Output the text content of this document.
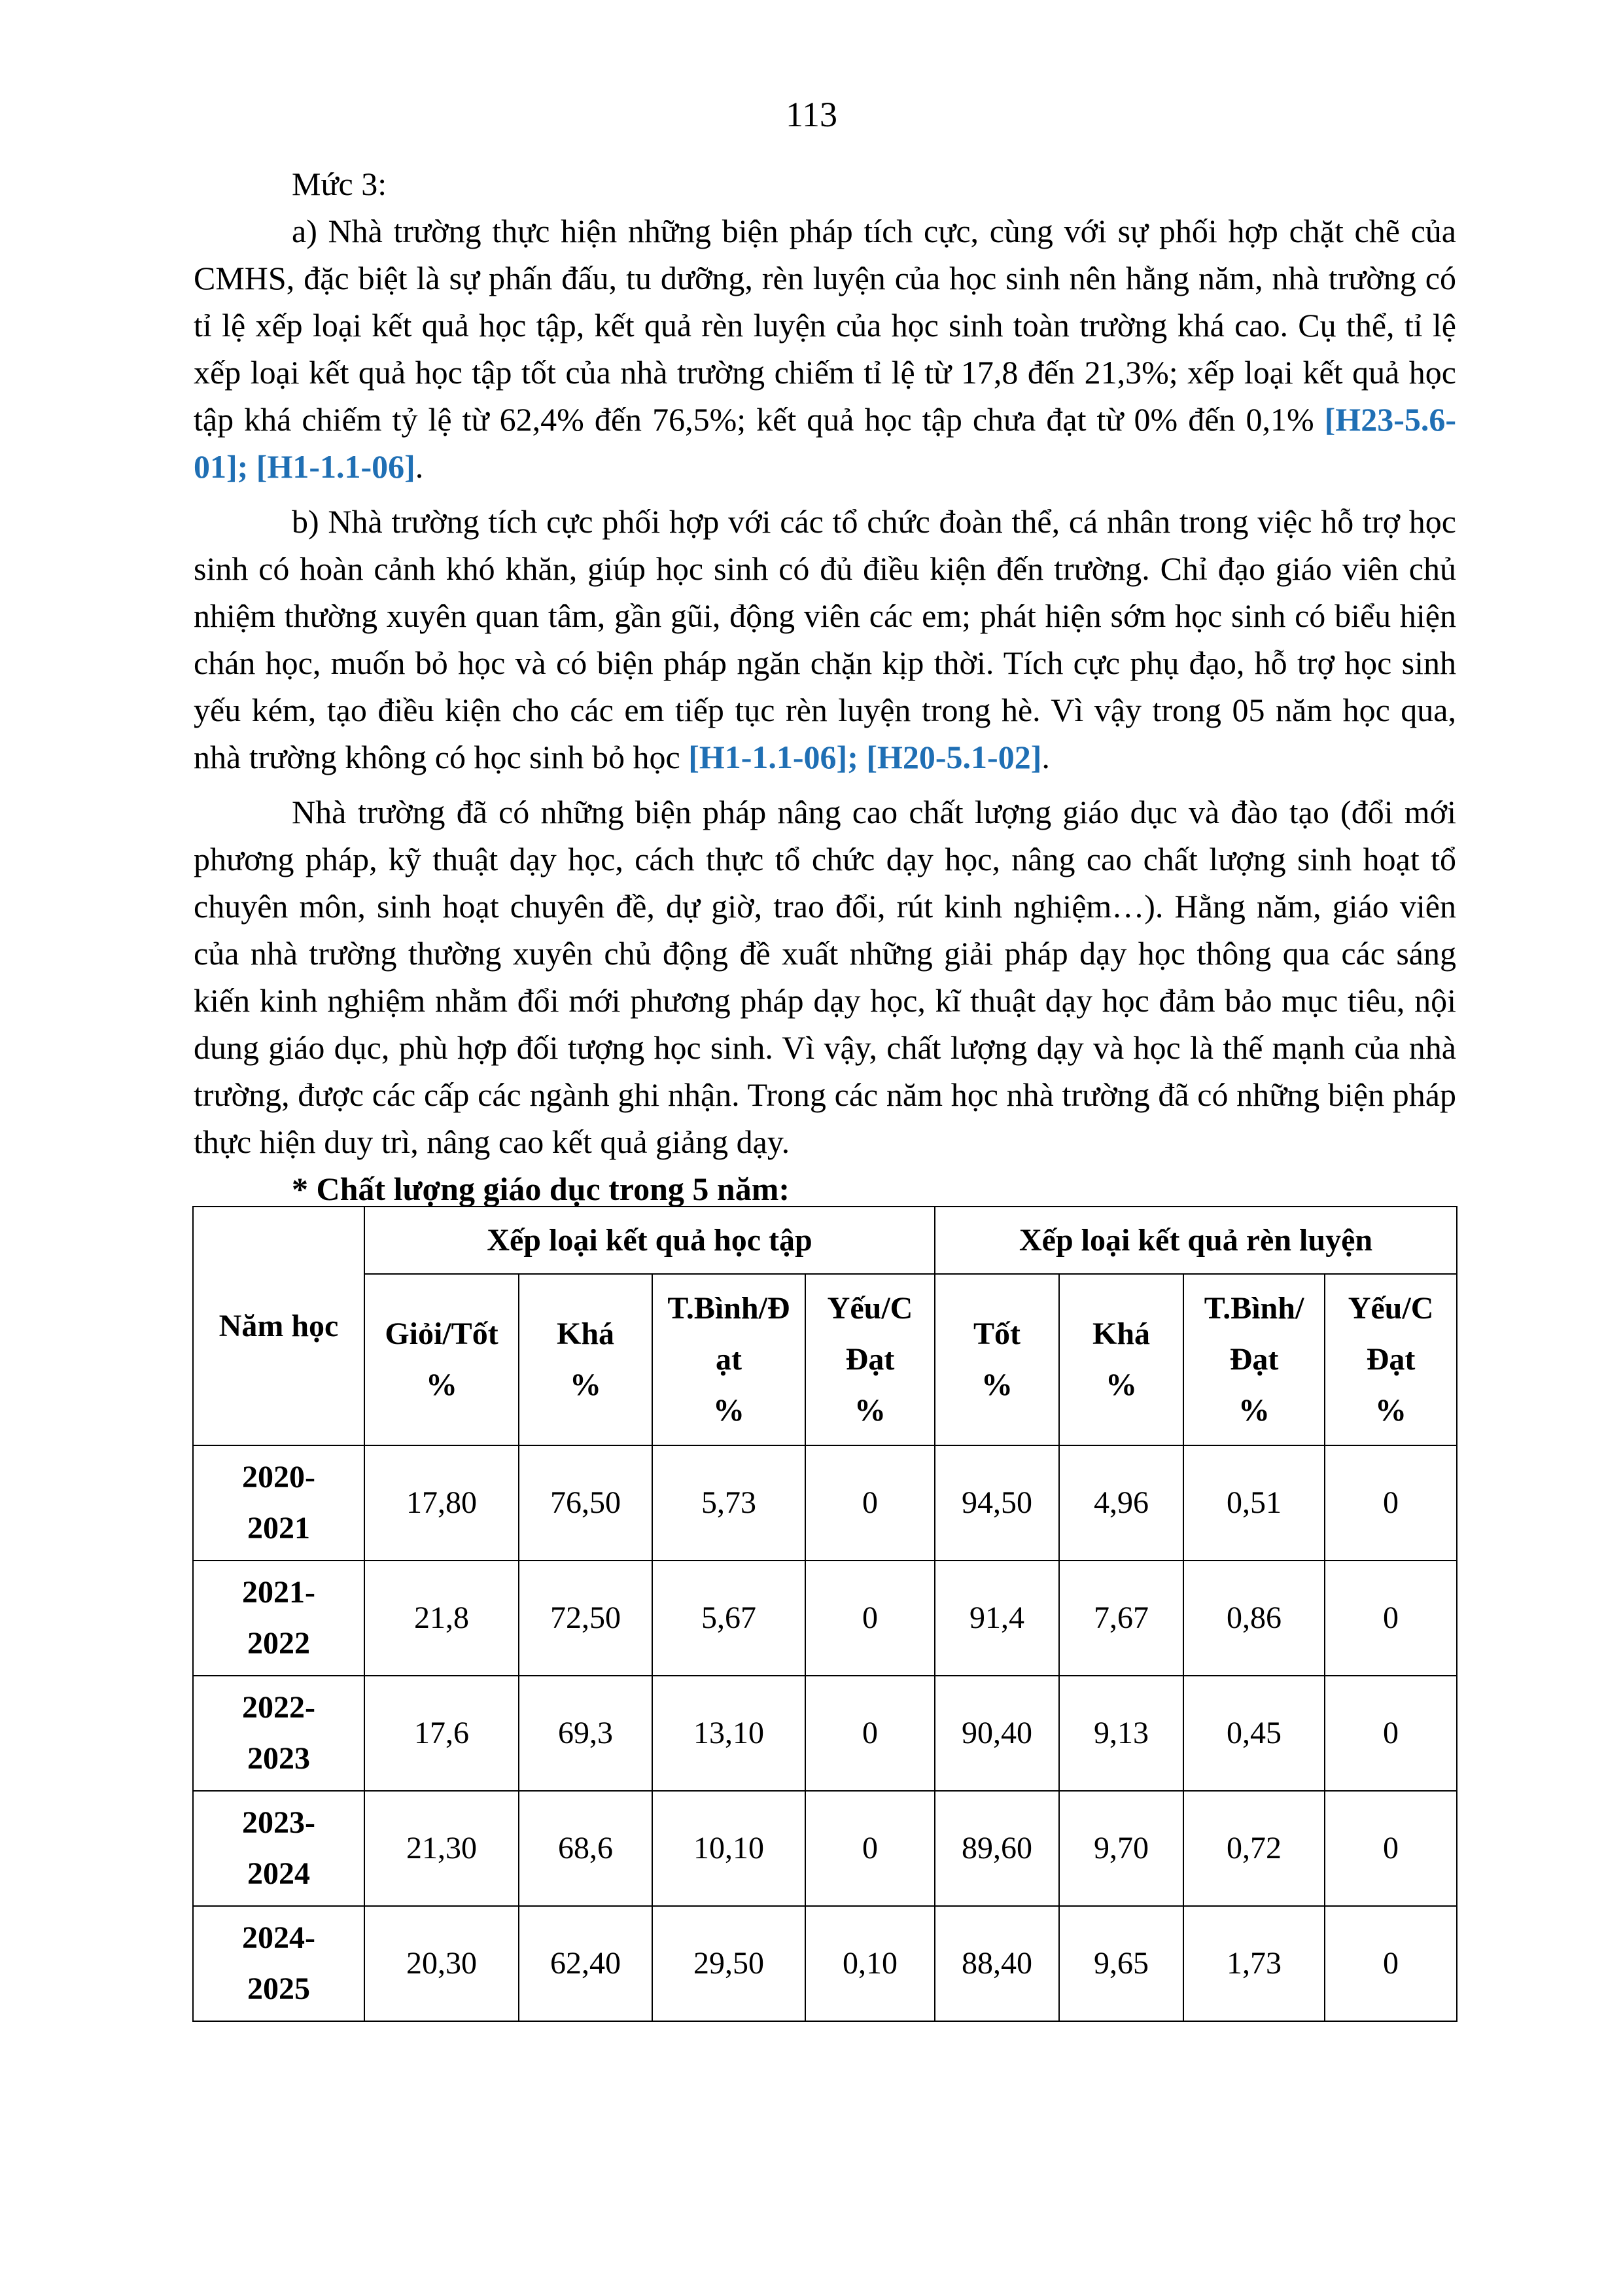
113

Mức 3:

a) Nhà trường thực hiện những biện pháp tích cực, cùng với sự phối hợp chặt chẽ của CMHS, đặc biệt là sự phấn đấu, tu dưỡng, rèn luyện của học sinh nên hằng năm, nhà trường có tỉ lệ xếp loại kết quả học tập, kết quả rèn luyện của học sinh toàn trường khá cao. Cụ thể, tỉ lệ xếp loại kết quả học tập tốt của nhà trường chiếm tỉ lệ từ 17,8 đến 21,3%; xếp loại kết quả học tập khá chiếm tỷ lệ từ 62,4% đến 76,5%; kết quả học tập chưa đạt từ 0% đến 0,1% [H23-5.6-01]; [H1-1.1-06].

b) Nhà trường tích cực phối hợp với các tổ chức đoàn thể, cá nhân trong việc hỗ trợ học sinh có hoàn cảnh khó khăn, giúp học sinh có đủ điều kiện đến trường. Chỉ đạo giáo viên chủ nhiệm thường xuyên quan tâm, gần gũi, động viên các em; phát hiện sớm học sinh có biểu hiện chán học, muốn bỏ học và có biện pháp ngăn chặn kịp thời. Tích cực phụ đạo, hỗ trợ học sinh yếu kém, tạo điều kiện cho các em tiếp tục rèn luyện trong hè. Vì vậy trong 05 năm học qua, nhà trường không có học sinh bỏ học [H1-1.1-06]; [H20-5.1-02].

Nhà trường đã có những biện pháp nâng cao chất lượng giáo dục và đào tạo (đổi mới phương pháp, kỹ thuật dạy học, cách thực tổ chức dạy học, nâng cao chất lượng sinh hoạt tổ chuyên môn, sinh hoạt chuyên đề, dự giờ, trao đổi, rút kinh nghiệm…). Hằng năm, giáo viên của nhà trường thường xuyên chủ động đề xuất những giải pháp dạy học thông qua các sáng kiến kinh nghiệm nhằm đổi mới phương pháp dạy học, kĩ thuật dạy học đảm bảo mục tiêu, nội dung giáo dục, phù hợp đối tượng học sinh. Vì vậy, chất lượng dạy và học là thế mạnh của nhà trường, được các cấp các ngành ghi nhận. Trong các năm học nhà trường đã có những biện pháp thực hiện duy trì, nâng cao kết quả giảng dạy.

* Chất lượng giáo dục trong 5 năm:

Năm học	Xếp loại kết quả học tập				Xếp loại kết quả rèn luyện			

	Giỏi/Tốt
%	Khá
%	T.Bình/Đ
ạt
%	Yếu/C
Đạt
%	Tốt
%	Khá
%	T.Bình/
Đạt
%	Yếu/C
Đạt
%

2020-
2021	17,80	76,50	5,73	0	94,50	4,96	0,51	0

2021-
2022	21,8	72,50	5,67	0	91,4	7,67	0,86	0

2022-
2023	17,6	69,3	13,10	0	90,40	9,13	0,45	0

2023-
2024	21,30	68,6	10,10	0	89,60	9,70	0,72	0

2024-
2025	20,30	62,40	29,50	0,10	88,40	9,65	1,73	0
